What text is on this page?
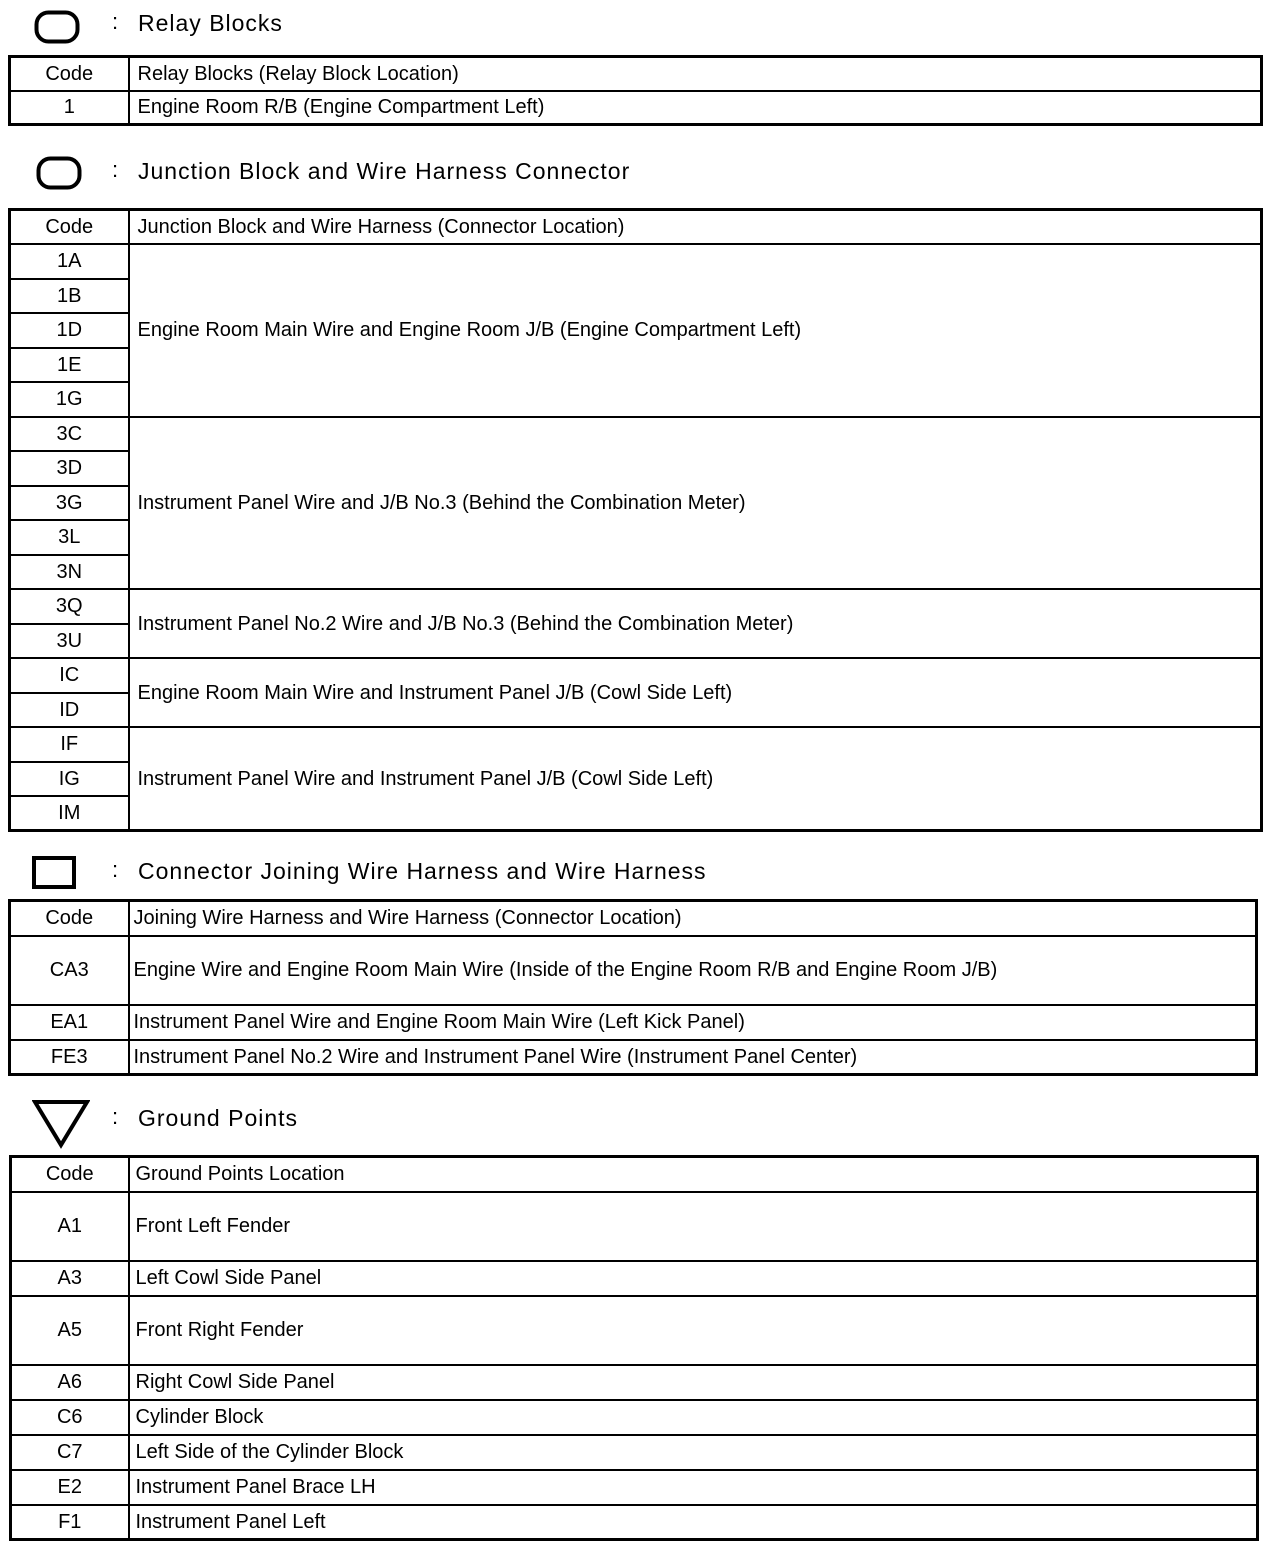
: Relay Blocks
Code	Relay Blocks (Relay Block Location)
1	Engine Room R/B (Engine Compartment Left)
: Junction Block and Wire Harness Connector
Code	Junction Block and Wire Harness (Connector Location)
1A	Engine Room Main Wire and Engine Room J/B (Engine Compartment Left)
1B	
1D	
1E	
1G	
3C	Instrument Panel Wire and J/B No.3 (Behind the Combination Meter)
3D	
3G	
3L	
3N	
3Q	Instrument Panel No.2 Wire and J/B No.3 (Behind the Combination Meter)
3U	
IC	Engine Room Main Wire and Instrument Panel J/B (Cowl Side Left)
ID	
IF	Instrument Panel Wire and Instrument Panel J/B (Cowl Side Left)
IG	
IM	
: Connector Joining Wire Harness and Wire Harness
Code	Joining Wire Harness and Wire Harness (Connector Location)
CA3	Engine Wire and Engine Room Main Wire (Inside of the Engine Room R/B and Engine Room J/B)
EA1	Instrument Panel Wire and Engine Room Main Wire (Left Kick Panel)
FE3	Instrument Panel No.2 Wire and Instrument Panel Wire (Instrument Panel Center)
: Ground Points
Code	Ground Points Location
A1	Front Left Fender
A3	Left Cowl Side Panel
A5	Front Right Fender
A6	Right Cowl Side Panel
C6	Cylinder Block
C7	Left Side of the Cylinder Block
E2	Instrument Panel Brace LH
F1	Instrument Panel Left
